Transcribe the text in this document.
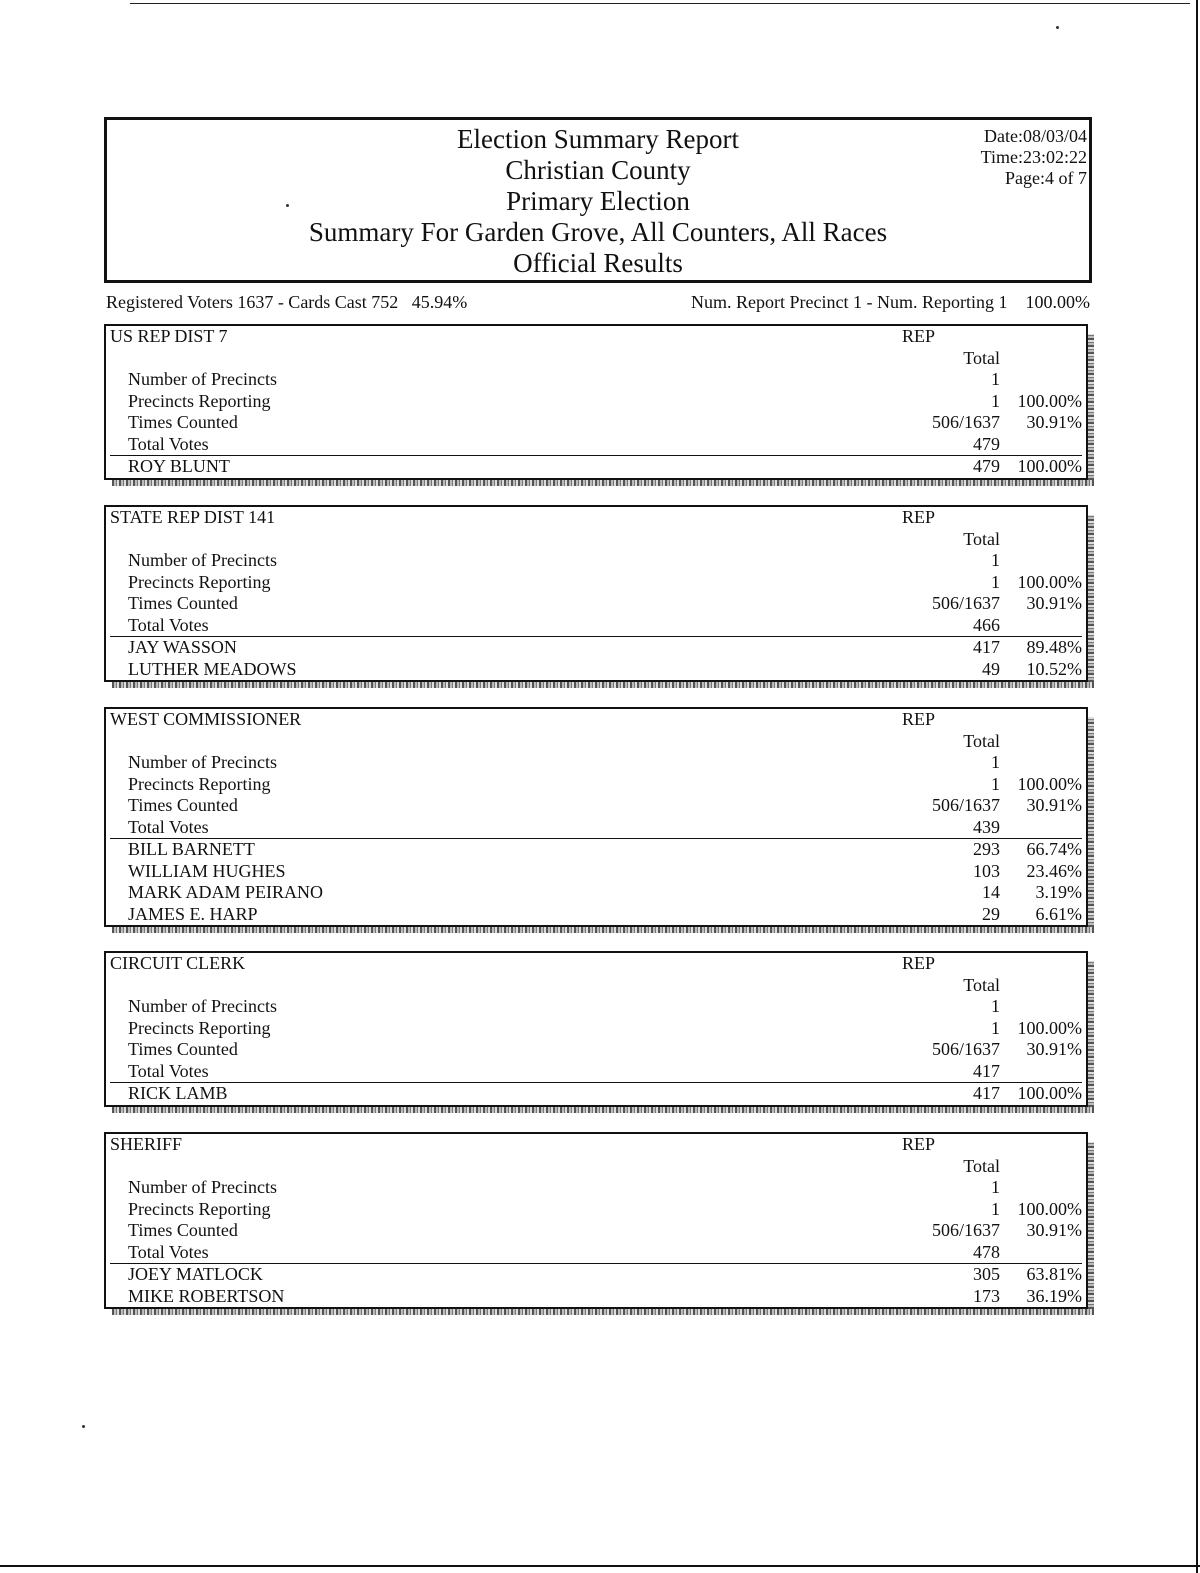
Election Summary Report
Christian County
Primary Election
Summary For Garden Grove, All Counters, All Races
Official Results
Date:08/03/04
Time:23:02:22
Page:4 of 7
Registered Voters 1637 - Cards Cast 752   45.94%	Num. Report Precinct 1 - Num. Reporting 1    100.00%
US REP DIST 7	REP
Total
Number of Precincts	1
Precincts Reporting	1 100.00%
Times Counted	506/1637 30.91%
Total Votes	479
ROY BLUNT	479 100.00%
STATE REP DIST 141	REP
Total
Number of Precincts	1
Precincts Reporting	1 100.00%
Times Counted	506/1637 30.91%
Total Votes	466
JAY WASSON	417 89.48%
LUTHER MEADOWS	49 10.52%
WEST COMMISSIONER	REP
Total
Number of Precincts	1
Precincts Reporting	1 100.00%
Times Counted	506/1637 30.91%
Total Votes	439
BILL BARNETT	293 66.74%
WILLIAM HUGHES	103 23.46%
MARK ADAM PEIRANO	14 3.19%
JAMES E. HARP	29 6.61%
CIRCUIT CLERK	REP
Total
Number of Precincts	1
Precincts Reporting	1 100.00%
Times Counted	506/1637 30.91%
Total Votes	417
RICK LAMB	417 100.00%
SHERIFF	REP
Total
Number of Precincts	1
Precincts Reporting	1 100.00%
Times Counted	506/1637 30.91%
Total Votes	478
JOEY MATLOCK	305 63.81%
MIKE ROBERTSON	173 36.19%
